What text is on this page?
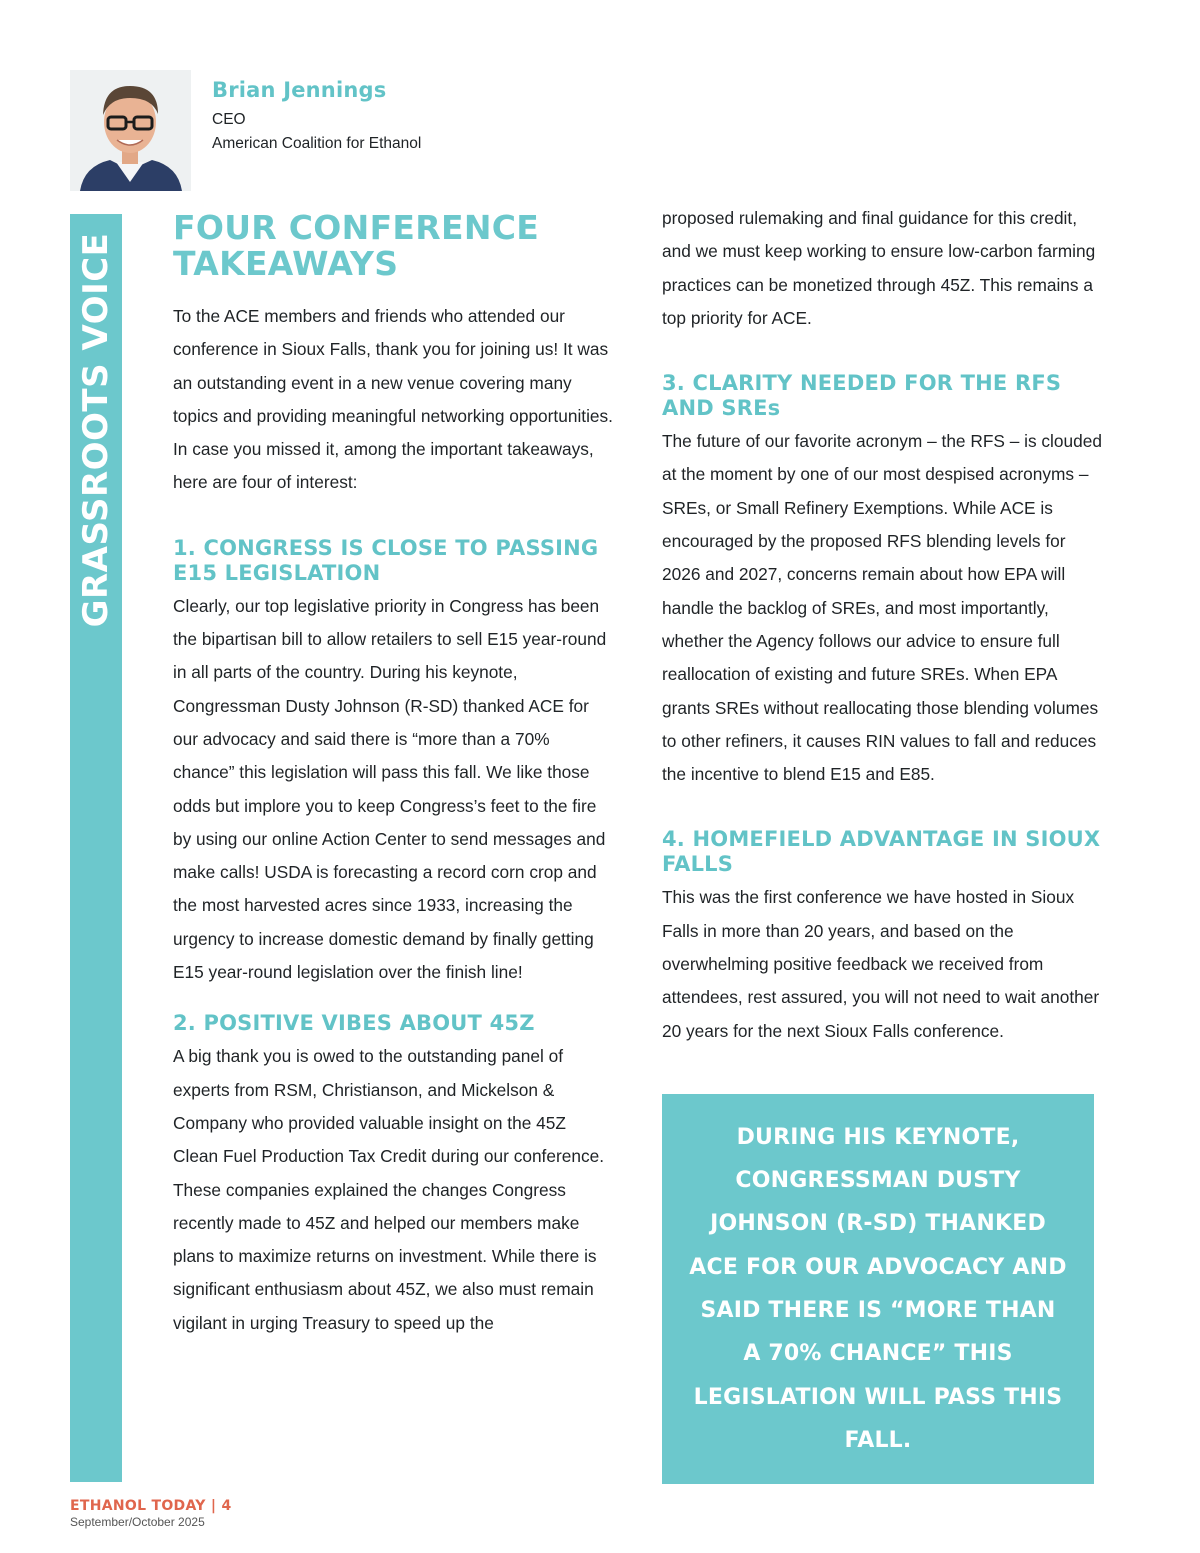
Brian Jennings
CEO
American Coalition for Ethanol
GRASSROOTS VOICE
FOUR CONFERENCE TAKEAWAYS

To the ACE members and friends who attended our conference in Sioux Falls, thank you for joining us! It was an outstanding event in a new venue covering many topics and providing meaningful networking opportunities. In case you missed it, among the important takeaways, here are four of interest:

1. CONGRESS IS CLOSE TO PASSING E15 LEGISLATION

Clearly, our top legislative priority in Congress has been the bipartisan bill to allow retailers to sell E15 year-round in all parts of the country. During his keynote, Congressman Dusty Johnson (R-SD) thanked ACE for our advocacy and said there is “more than a 70% chance” this legislation will pass this fall. We like those odds but implore you to keep Congress’s feet to the fire by using our online Action Center to send messages and make calls! USDA is forecasting a record corn crop and the most harvested acres since 1933, increasing the urgency to increase domestic demand by finally getting E15 year-round legislation over the finish line!

2. POSITIVE VIBES ABOUT 45Z

A big thank you is owed to the outstanding panel of experts from RSM, Christianson, and Mickelson & Company who provided valuable insight on the 45Z Clean Fuel Production Tax Credit during our conference. These companies explained the changes Congress recently made to 45Z and helped our members make plans to maximize returns on investment. While there is significant enthusiasm about 45Z, we also must remain vigilant in urging Treasury to speed up the

proposed rulemaking and final guidance for this credit, and we must keep working to ensure low-carbon farming practices can be monetized through 45Z. This remains a top priority for ACE.

3. CLARITY NEEDED FOR THE RFS AND SREs

The future of our favorite acronym – the RFS – is clouded at the moment by one of our most despised acronyms – SREs, or Small Refinery Exemptions. While ACE is encouraged by the proposed RFS blending levels for 2026 and 2027, concerns remain about how EPA will handle the backlog of SREs, and most importantly, whether the Agency follows our advice to ensure full reallocation of existing and future SREs. When EPA grants SREs without reallocating those blending volumes to other refiners, it causes RIN values to fall and reduces the incentive to blend E15 and E85.

4. HOMEFIELD ADVANTAGE IN SIOUX FALLS

This was the first conference we have hosted in Sioux Falls in more than 20 years, and based on the overwhelming positive feedback we received from attendees, rest assured, you will not need to wait another 20 years for the next Sioux Falls conference.

DURING HIS KEYNOTE, CONGRESSMAN DUSTY JOHNSON (R-SD) THANKED ACE FOR OUR ADVOCACY AND SAID THERE IS “MORE THAN A 70% CHANCE” THIS LEGISLATION WILL PASS THIS FALL.
ETHANOL TODAY | 4
September/October 2025
